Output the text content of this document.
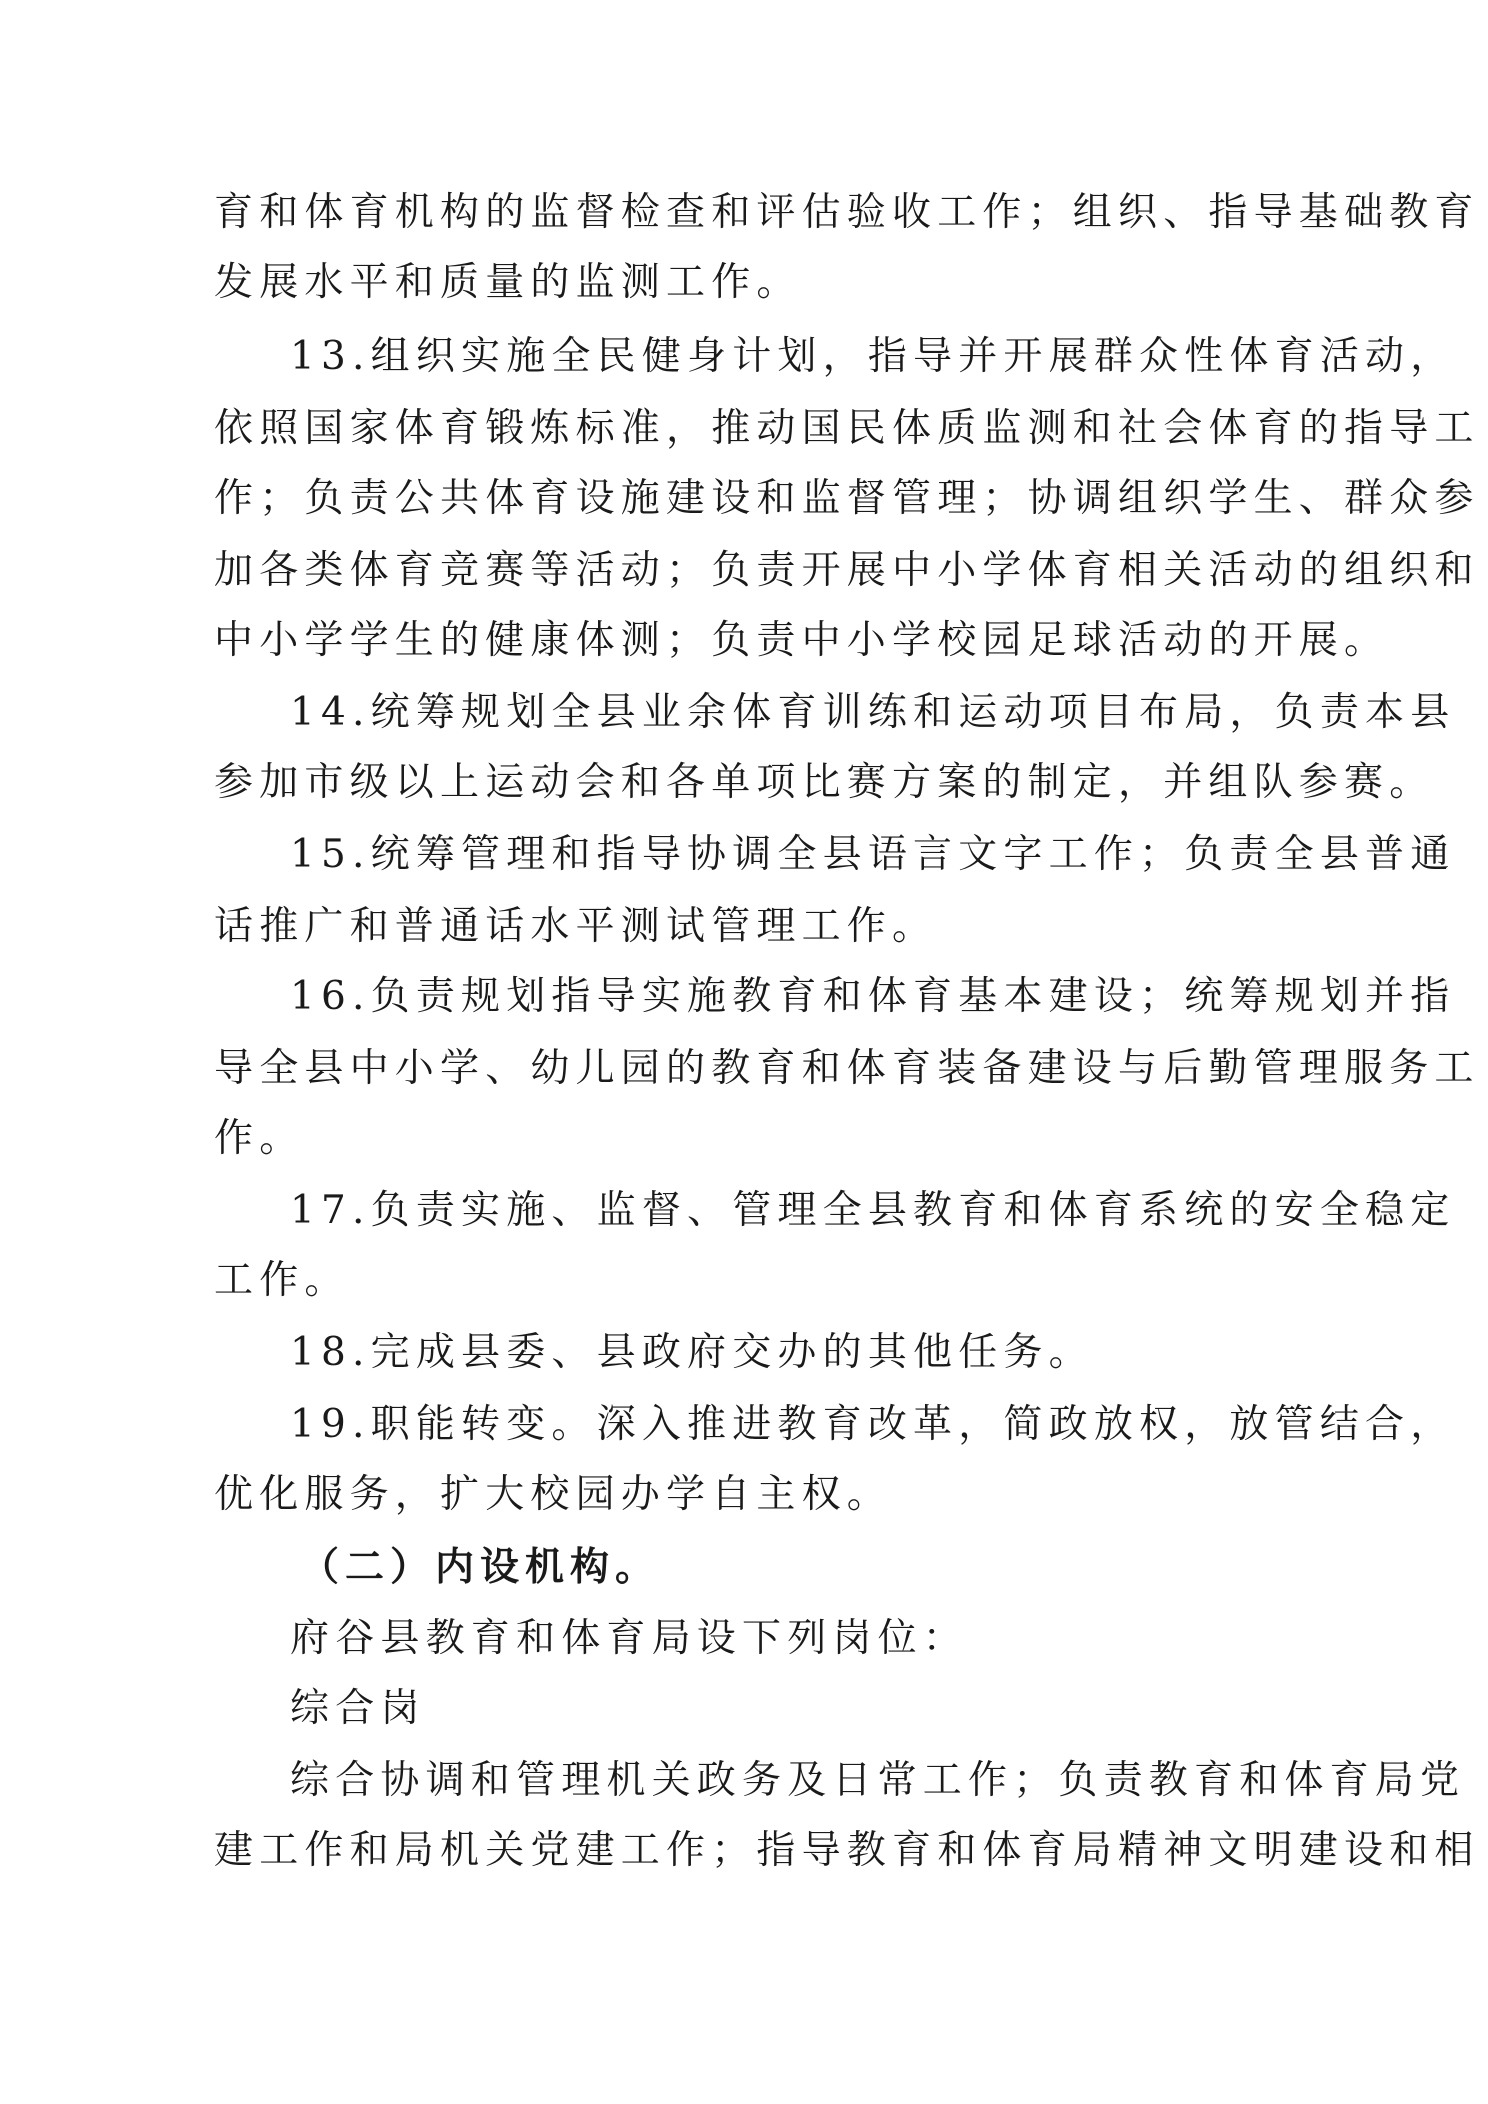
育和体育机构的监督检查和评估验收工作；组织、指导基础教育
发展水平和质量的监测工作。
13.组织实施全民健身计划，指导并开展群众性体育活动，
依照国家体育锻炼标准，推动国民体质监测和社会体育的指导工
作；负责公共体育设施建设和监督管理；协调组织学生、群众参
加各类体育竞赛等活动；负责开展中小学体育相关活动的组织和
中小学学生的健康体测；负责中小学校园足球活动的开展。
14.统筹规划全县业余体育训练和运动项目布局，负责本县
参加市级以上运动会和各单项比赛方案的制定，并组队参赛。
15.统筹管理和指导协调全县语言文字工作；负责全县普通
话推广和普通话水平测试管理工作。
16.负责规划指导实施教育和体育基本建设；统筹规划并指
导全县中小学、幼儿园的教育和体育装备建设与后勤管理服务工
作。
17.负责实施、监督、管理全县教育和体育系统的安全稳定
工作。
18.完成县委、县政府交办的其他任务。
19.职能转变。深入推进教育改革，简政放权，放管结合，
优化服务，扩大校园办学自主权。
（二）内设机构。
府谷县教育和体育局设下列岗位：
综合岗
综合协调和管理机关政务及日常工作；负责教育和体育局党
建工作和局机关党建工作；指导教育和体育局精神文明建设和相
